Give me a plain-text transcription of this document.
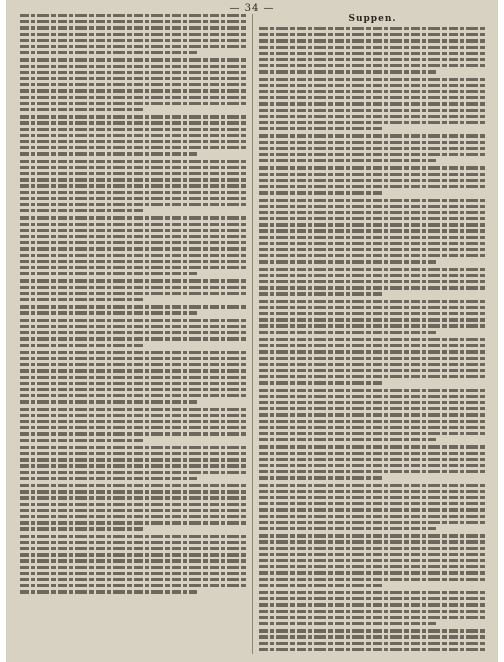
— 34 —
Suppen.
